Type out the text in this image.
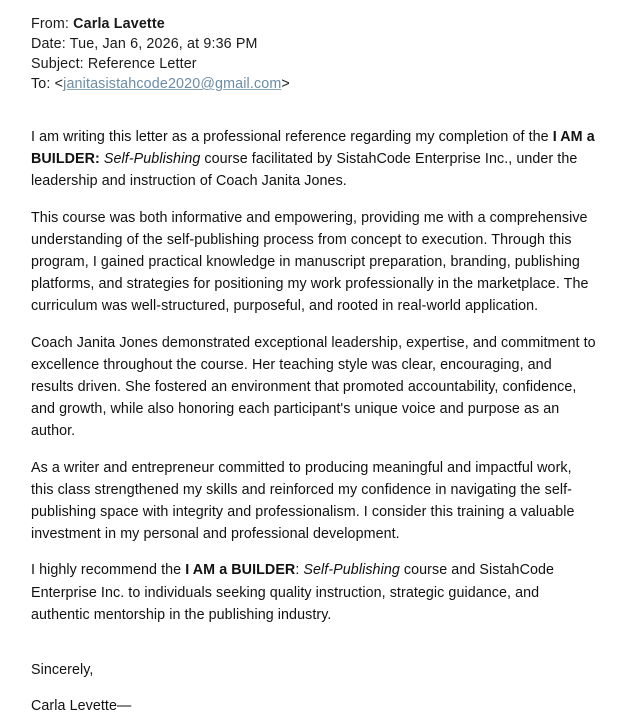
From: Carla Lavette
Date: Tue, Jan 6, 2026, at 9:36 PM
Subject: Reference Letter
To: <janitasistahcode2020@gmail.com>

I am writing this letter as a professional reference regarding my completion of the I AM a BUILDER: Self-Publishing course facilitated by SistahCode Enterprise Inc., under the leadership and instruction of Coach Janita Jones.

This course was both informative and empowering, providing me with a comprehensive understanding of the self-publishing process from concept to execution. Through this program, I gained practical knowledge in manuscript preparation, branding, publishing platforms, and strategies for positioning my work professionally in the marketplace. The curriculum was well-structured, purposeful, and rooted in real-world application.

Coach Janita Jones demonstrated exceptional leadership, expertise, and commitment to excellence throughout the course. Her teaching style was clear, encouraging, and results driven. She fostered an environment that promoted accountability, confidence, and growth, while also honoring each participant's unique voice and purpose as an author.

As a writer and entrepreneur committed to producing meaningful and impactful work, this class strengthened my skills and reinforced my confidence in navigating the self-publishing space with integrity and professionalism. I consider this training a valuable investment in my personal and professional development.

I highly recommend the I AM a BUILDER: Self-Publishing course and SistahCode Enterprise Inc. to individuals seeking quality instruction, strategic guidance, and authentic mentorship in the publishing industry.

Sincerely,

Carla Levette—
